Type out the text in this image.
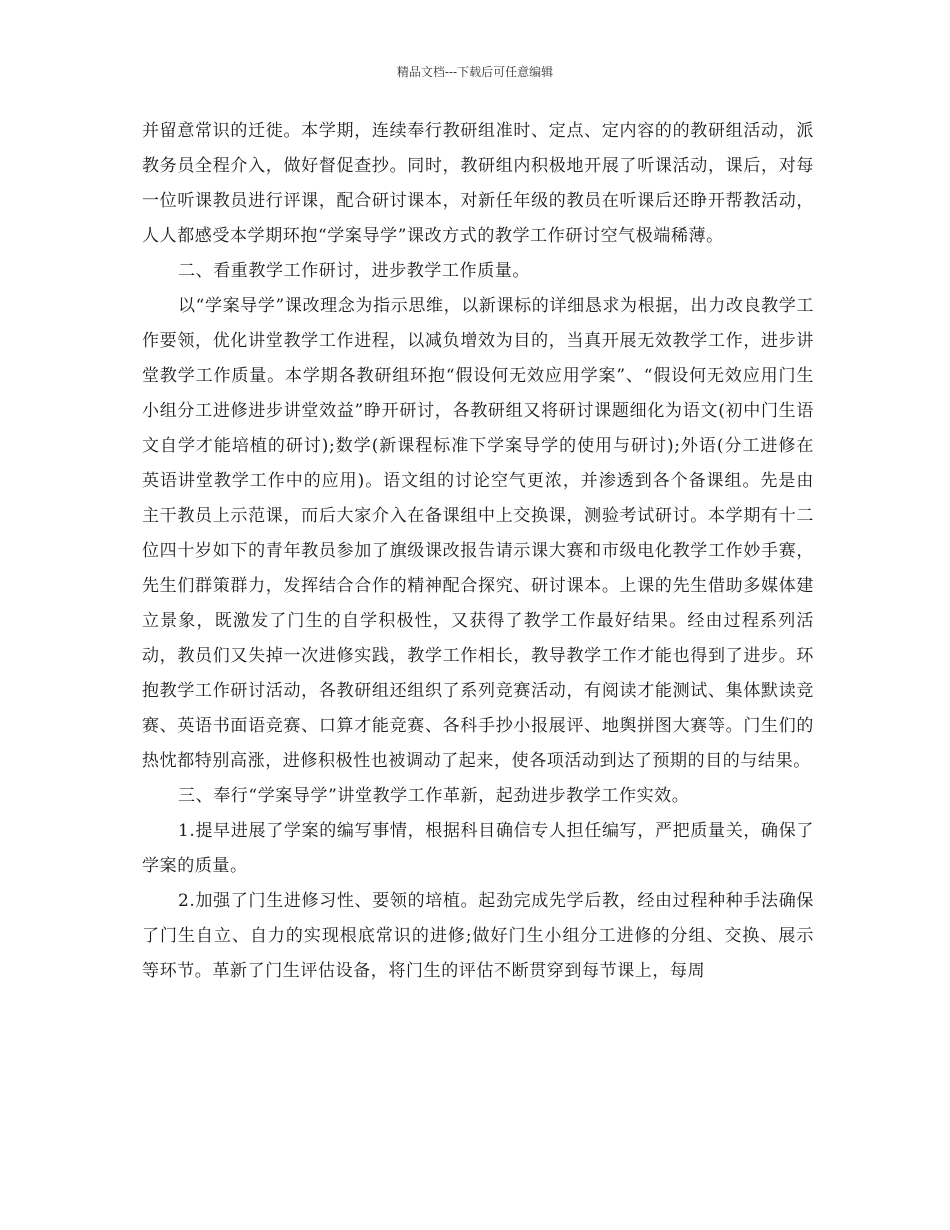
精品文档---下载后可任意编辑

并留意常识的迁徙。本学期，连续奉行教研组准时、定点、定内容的的教研组活动，派教务员全程介入，做好督促查抄。同时，教研组内积极地开展了听课活动，课后，对每一位听课教员进行评课，配合研讨课本，对新任年级的教员在听课后还睁开帮教活动，人人都感受本学期环抱“学案导学”课改方式的教学工作研讨空气极端稀薄。

二、看重教学工作研讨，进步教学工作质量。

以“学案导学”课改理念为指示思维，以新课标的详细恳求为根据，出力改良教学工作要领，优化讲堂教学工作进程，以减负增效为目的，当真开展无效教学工作，进步讲堂教学工作质量。本学期各教研组环抱“假设何无效应用学案”、“假设何无效应用门生小组分工进修进步讲堂效益”睁开研讨，各教研组又将研讨课题细化为语文(初中门生语文自学才能培植的研讨);数学(新课程标准下学案导学的使用与研讨);外语(分工进修在英语讲堂教学工作中的应用)。语文组的讨论空气更浓，并渗透到各个备课组。先是由主干教员上示范课，而后大家介入在备课组中上交换课，测验考试研讨。本学期有十二位四十岁如下的青年教员参加了旗级课改报告请示课大赛和市级电化教学工作妙手赛，先生们群策群力，发挥结合合作的精神配合探究、研讨课本。上课的先生借助多媒体建立景象，既激发了门生的自学积极性，又获得了教学工作最好结果。经由过程系列活动，教员们又失掉一次进修实践，教学工作相长，教导教学工作才能也得到了进步。环抱教学工作研讨活动，各教研组还组织了系列竞赛活动，有阅读才能测试、集体默读竞赛、英语书面语竞赛、口算才能竞赛、各科手抄小报展评、地舆拼图大赛等。门生们的热忱都特别高涨，进修积极性也被调动了起来，使各项活动到达了预期的目的与结果。

三、奉行“学案导学”讲堂教学工作革新，起劲进步教学工作实效。

1.提早进展了学案的编写事情，根据科目确信专人担任编写，严把质量关，确保了学案的质量。

2.加强了门生进修习性、要领的培植。起劲完成先学后教，经由过程种种手法确保了门生自立、自力的实现根底常识的进修;做好门生小组分工进修的分组、交换、展示等环节。革新了门生评估设备，将门生的评估不断贯穿到每节课上，每周
